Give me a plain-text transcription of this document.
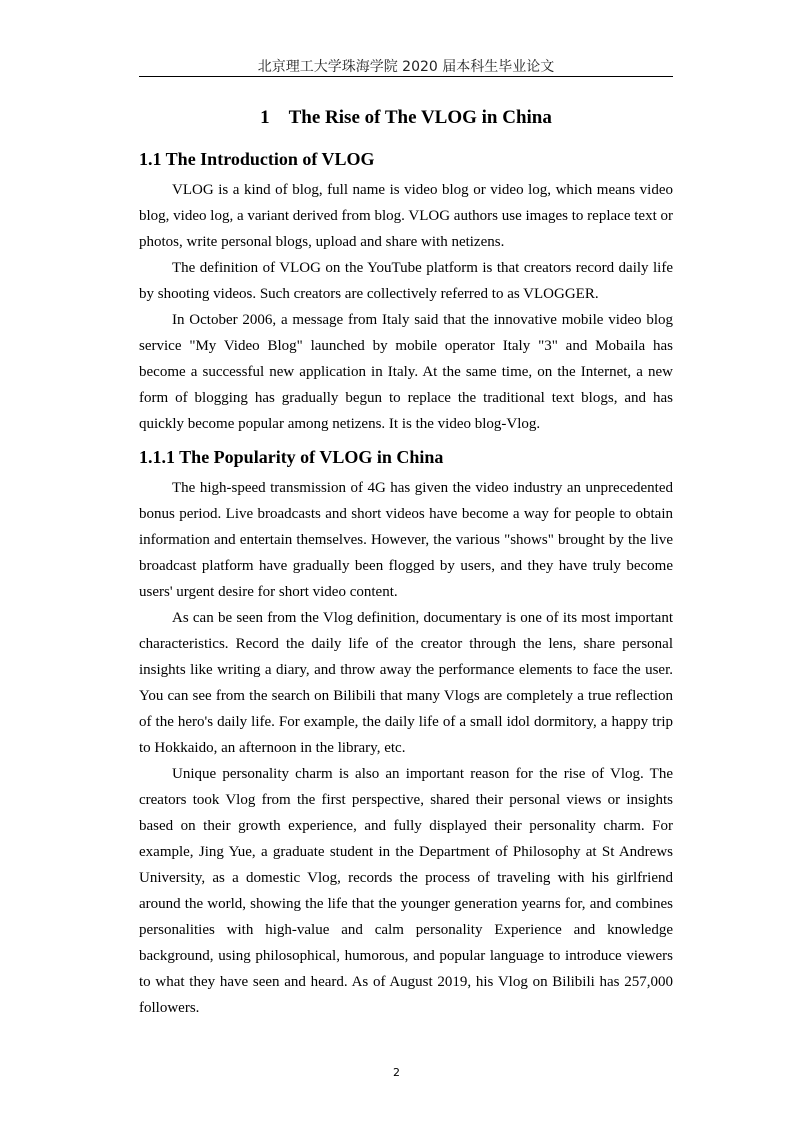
北京理工大学珠海学院 2020 届本科生毕业论文
1　The Rise of The VLOG in China
1.1 The Introduction of VLOG

VLOG is a kind of blog, full name is video blog or video log, which means video blog, video log, a variant derived from blog. VLOG authors use images to replace text or photos, write personal blogs, upload and share with netizens.

The definition of VLOG on the YouTube platform is that creators record daily life by shooting videos. Such creators are collectively referred to as VLOGGER.

In October 2006, a message from Italy said that the innovative mobile video blog service "My Video Blog" launched by mobile operator Italy "3" and Mobaila has become a successful new application in Italy. At the same time, on the Internet, a new form of blogging has gradually begun to replace the traditional text blogs, and has quickly become popular among netizens. It is the video blog-Vlog.

1.1.1 The Popularity of VLOG in China

The high-speed transmission of 4G has given the video industry an unprecedented bonus period. Live broadcasts and short videos have become a way for people to obtain information and entertain themselves. However, the various "shows" brought by the live broadcast platform have gradually been flogged by users, and they have truly become users' urgent desire for short video content.

As can be seen from the Vlog definition, documentary is one of its most important characteristics. Record the daily life of the creator through the lens, share personal insights like writing a diary, and throw away the performance elements to face the user. You can see from the search on Bilibili that many Vlogs are completely a true reflection of the hero's daily life. For example, the daily life of a small idol dormitory, a happy trip to Hokkaido, an afternoon in the library, etc.

Unique personality charm is also an important reason for the rise of Vlog. The creators took Vlog from the first perspective, shared their personal views or insights based on their growth experience, and fully displayed their personality charm. For example, Jing Yue, a graduate student in the Department of Philosophy at St Andrews University, as a domestic Vlog, records the process of traveling with his girlfriend around the world, showing the life that the younger generation yearns for, and combines personalities with high-value and calm personality Experience and knowledge background, using philosophical, humorous, and popular language to introduce viewers to what they have seen and heard. As of August 2019, his Vlog on Bilibili has 257,000 followers.

2
